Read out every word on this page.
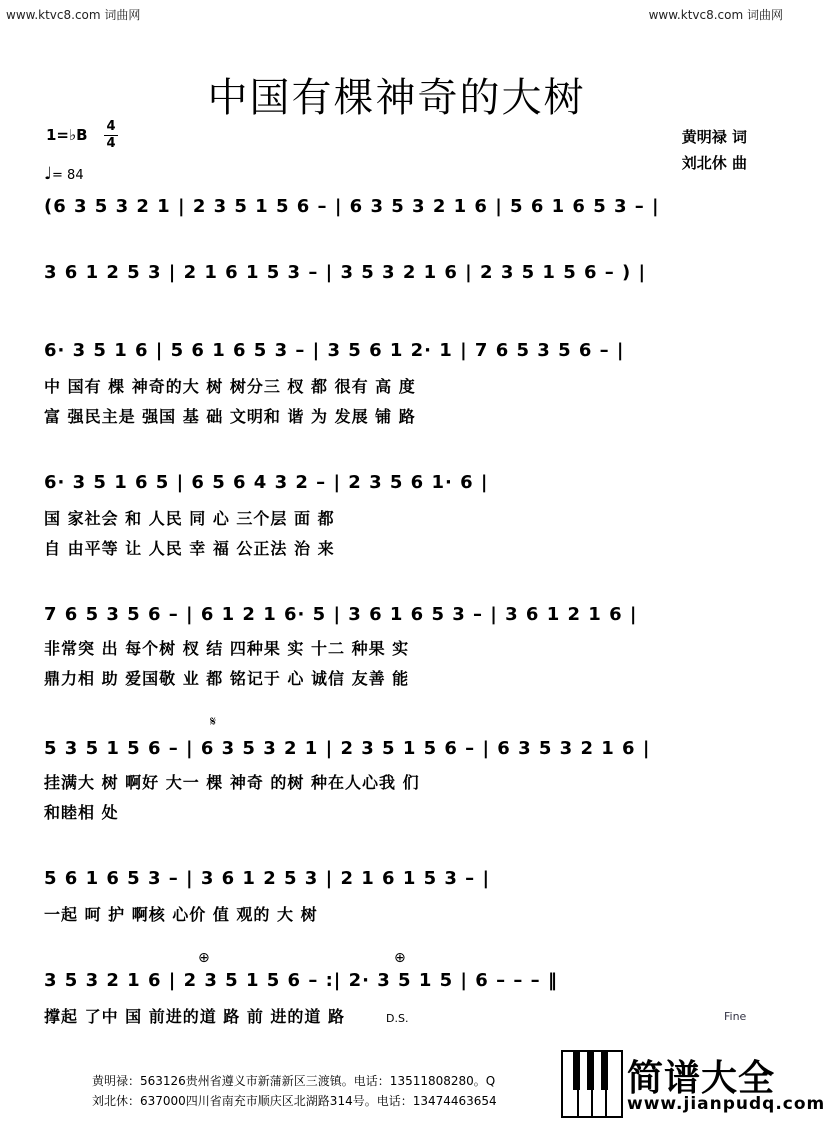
www.ktvc8.com 词曲网	www.ktvc8.com 词曲网
中国有棵神奇的大树
1=♭B 4
4
♩= 84
黄明禄 词
刘北休 曲
(6 3 5 3 2 1 | 2 3 5 1 5 6 – | 6 3 5 3 2 1 6 | 5 6 1 6 5 3 – |
3 6 1 2 5 3 | 2 1 6 1 5 3 – | 3 5 3 2 1 6 | 2 3 5 1 5 6 – ) |
6· 3 5 1 6 | 5 6 1 6 5 3 – | 3 5 6 1 2· 1 | 7 6 5 3 5 6 – |
中 国有 棵 神奇的大 树 树分三 杈 都 很有 高 度
富 强民主是 强国 基 础 文明和 谐 为 发展 铺 路
6· 3 5 1 6 5 | 6 5 6 4 3 2 – | 2 3 5 6 1· 6 |
国 家社会 和 人民 同 心 三个层 面 都
自 由平等 让 人民 幸 福 公正法 治 来
7 6 5 3 5 6 – | 6 1 2 1 6· 5 | 3 6 1 6 5 3 – | 3 6 1 2 1 6 |
非常突 出 每个树 杈 结 四种果 实 十二 种果 实
鼎力相 助 爱国敬 业 都 铭记于 心 诚信 友善 能
𝄋
5 3 5 1 5 6 – | 6 3 5 3 2 1 | 2 3 5 1 5 6 – | 6 3 5 3 2 1 6 |
挂满大 树 啊好 大一 棵 神奇 的树 种在人心我 们
和睦相 处
5 6 1 6 5 3 – | 3 6 1 2 5 3 | 2 1 6 1 5 3 – |
一起 呵 护 啊核 心价 值 观的 大 树
⊕	⊕
3 5 3 2 1 6 | 2 3 5 1 5 6 – :| 2· 3 5 1 5 | 6 – – – ‖
撑起 了中 国 前进的道 路 前 进的道 路	D.S.	Fine
黄明禄：563126贵州省遵义市新蒲新区三渡镇。电话：13511808280。Q
刘北休：637000四川省南充市顺庆区北湖路314号。电话：13474463654
简谱大全
www.jianpudq.com
